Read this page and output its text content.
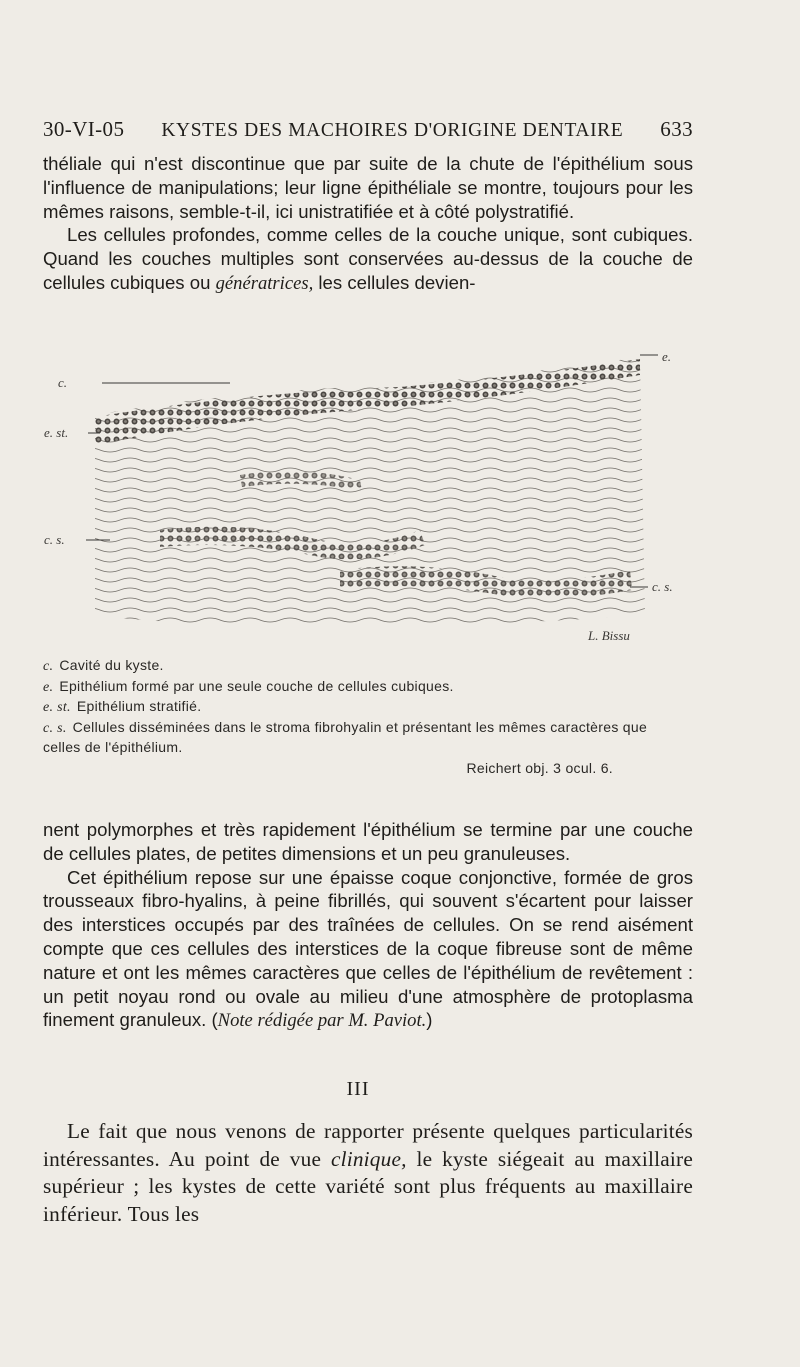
30-VI-05 KYSTES DES MACHOIRES D'ORIGINE DENTAIRE 633

théliale qui n'est discontinue que par suite de la chute de l'épithélium sous l'influence de manipulations; leur ligne épithéliale se montre, toujours pour les mêmes raisons, semble-t-il, ici unistratifiée et à côté polystratifié.

Les cellules profondes, comme celles de la couche unique, sont cubiques. Quand les couches multiples sont conservées au-dessus de la couche de cellules cubiques ou génératrices, les cellules devien-

c.
e. st.
c. s.
e.
c. s.
L. Bissu
c. Cavité du kyste.
e. Epithélium formé par une seule couche de cellules cubiques.
e. st. Epithélium stratifié.
c. s. Cellules disséminées dans le stroma fibrohyalin et présentant les mêmes caractères que celles de l'épithélium.
Reichert obj. 3 ocul. 6.

nent polymorphes et très rapidement l'épithélium se termine par une couche de cellules plates, de petites dimensions et un peu granuleuses.

Cet épithélium repose sur une épaisse coque conjonctive, formée de gros trousseaux fibro-hyalins, à peine fibrillés, qui souvent s'écartent pour laisser des interstices occupés par des traînées de cellules. On se rend aisément compte que ces cellules des interstices de la coque fibreuse sont de même nature et ont les mêmes caractères que celles de l'épithélium de revêtement : un petit noyau rond ou ovale au milieu d'une atmosphère de protoplasma finement granuleux. (Note rédigée par M. Paviot.)

III

Le fait que nous venons de rapporter présente quelques particularités intéressantes. Au point de vue clinique, le kyste siégeait au maxillaire supérieur ; les kystes de cette variété sont plus fréquents au maxillaire inférieur. Tous les
